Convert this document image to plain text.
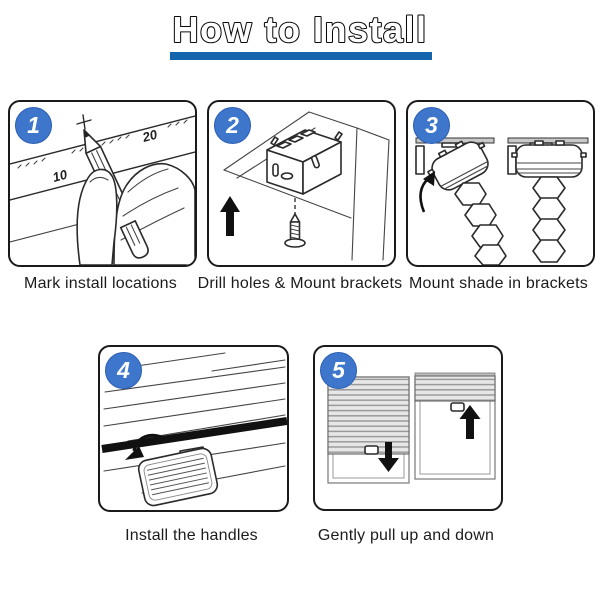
How to Install
1
10
20	2	3
4	5
Mark install locations	Drill holes & Mount brackets Mount shade in brackets
Install the handles	Gently pull up and down
